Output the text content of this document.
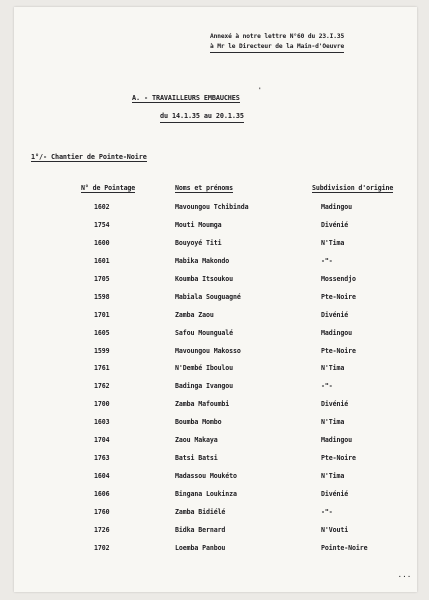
Annexé à notre lettre N°60 du 23.I.35
à Mr le Directeur de la Main-d'Oeuvre
'
A. - TRAVAILLEURS EMBAUCHES
du 14.1.35 au 20.1.35
1°/- Chantier de Pointe-Noire
N° de Pointage	Noms et prénoms	Subdivision d'origine
1602	Mavoungou Tchibinda	Madingou
1754	Mouti Moumga	Divénié
1600	Bouyoyé Titi	N'Tima
1601	Mabika Makondo	-"-
1705	Koumba Itsoukou	Mossendjo
1598	Mabiala Souguagné	Pte-Noire
1701	Zamba Zaou	Divénié
1605	Safou Moungualé	Madingou
1599	Mavoungou Makosso	Pte-Noire
1761	N'Dembé Iboulou	N'Tima
1762	Badinga Ivangou	-"-
1700	Zamba Mafoumbi	Divénié
1603	Boumba Mombo	N'Tima
1704	Zaou Makaya	Madingou
1763	Batsi Batsi	Pte-Noire
1604	Madassou Moukéto	N'Tima
1606	Bingana Loukinza	Divénié
1760	Zamba Bidiélé	-"-
1726	Bidka Bernard	N'Vouti
1702	Loemba Panbou	Pointe-Noire
...
